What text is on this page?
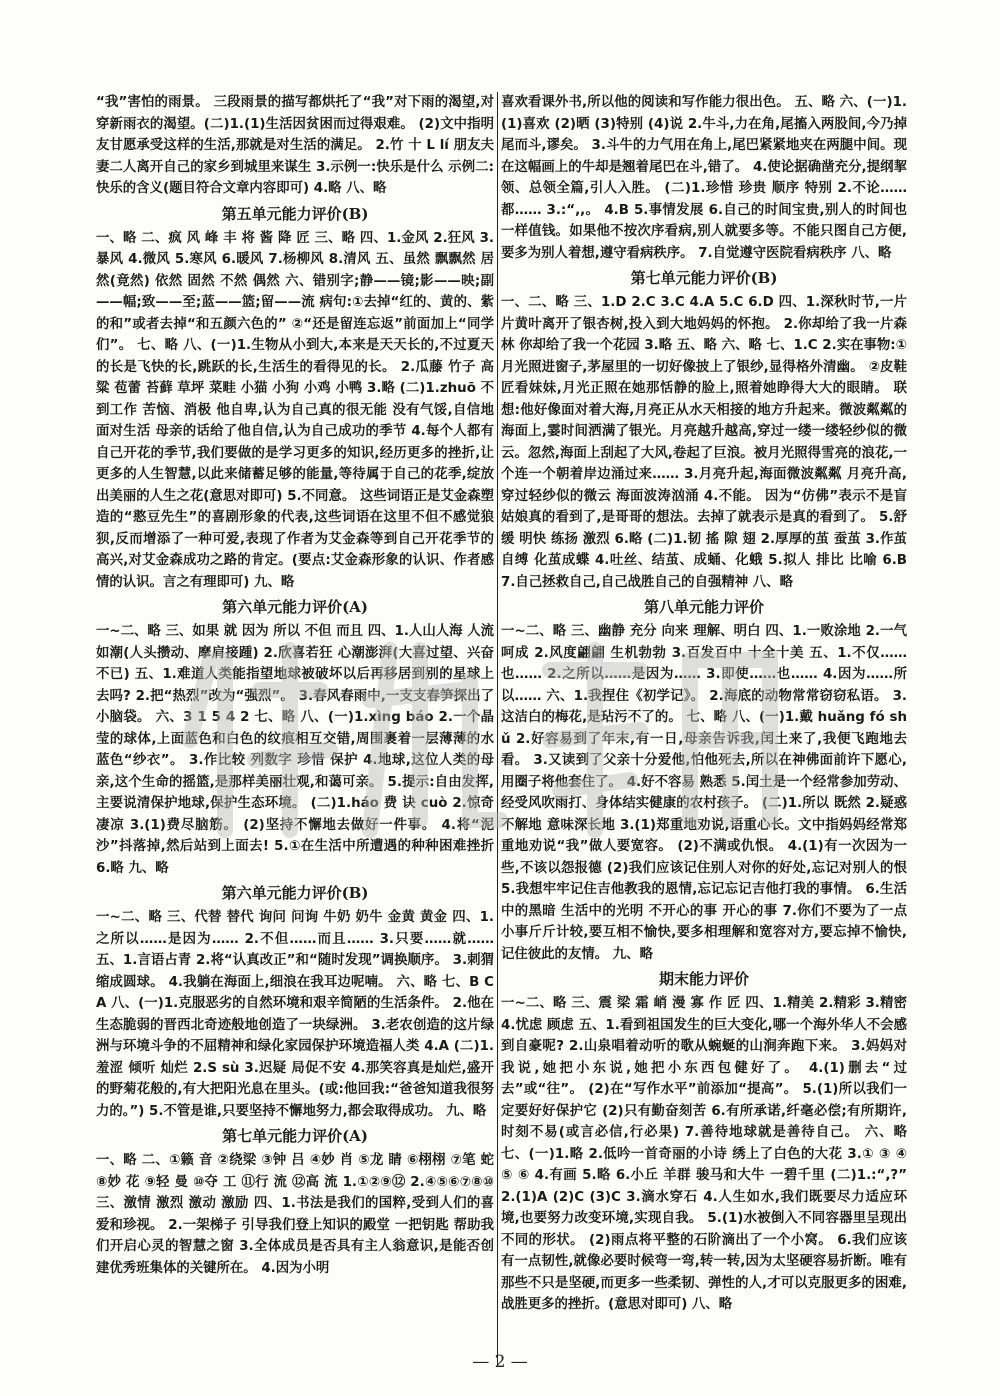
“我”害怕的雨景。 三段雨景的描写都烘托了“我”对下雨的渴望,对穿新雨衣的渴望。(二)1.(1)生活因贫困而过得艰难。 (2)文中指明友甘愿承受这样的生活,那就是对生活的满足。 2.竹 十 L lí 朋友夫妻二人离开自己的家乡到城里来谋生 3.示例一:快乐是什么 示例二:快乐的含义(题目符合文章内容即可) 4.略 八、略

第五单元能力评价(B)

一、略 二、疯 风 峰 丰 将 酱 降 匠 三、略 四、1.金风 2.狂风 3.暴风 4.微风 5.寒风 6.暖风 7.杨柳风 8.清风 五、虽然 飘飘然 居然(竟然) 依然 固然 不然 偶然 六、错别字;静——镜;影——映;副——幅;致——至;蓝——篮;留——流 病句:①去掉“红的、黄的、紫的和”或者去掉“和五颜六色的” ②“还是留连忘返”前面加上“同学们”。 七、略 八、(一)1.生物从小到大,本来是天天长的,不过夏天的长是飞快的长,跳跃的长,生活生的看得见的长。 2.瓜藤 竹子 高粱 苞蕾 苔藓 草坪 菜畦 小猫 小狗 小鸡 小鸭 3.略 (二)1.zhuō 不到工作 苦恼、消极 他自卑,认为自己真的很无能 没有气馁,自信地面对生活 母亲的话给了他自信,认为自己成功的季节 4.每个人都有自己开花的季节,我们要做的是学习更多的知识,经历更多的挫折,让更多的人生智慧,以此来储蓄足够的能量,等待属于自己的花季,绽放出美丽的人生之花(意思对即可) 5.不同意。 这些词语正是艾金森塑造的“憨豆先生”的喜剧形象的代表,这些词语在这里不但不感觉狼狈,反而增添了一种可爱,表现了作者为艾金森等到自己开花季节的高兴,对艾金森成功之路的肯定。(要点:艾金森形象的认识、作者感情的认识。言之有理即可) 九、略

第六单元能力评价(A)

一~二、略 三、如果 就 因为 所以 不但 而且 四、1.人山人海 人流如潮(人头攒动、摩肩接踵) 2.欣喜若狂 心潮澎湃(大喜过望、兴奋不已) 五、1.难道人类能指望地球被破坏以后再移居到别的星球上去吗? 2.把“热烈”改为“强烈”。 3.春风春雨中,一支支春笋探出了小脑袋。 六、3 1 5 4 2 七、略 八、(一)1.xìng báo 2.一个晶莹的球体,上面蓝色和白色的纹痕相互交错,周围裹着一层薄薄的水蓝色“纱衣”。 3.作比较 列数字 珍惜 保护 4.地球,这位人类的母亲,这个生命的摇篮,是那样美丽壮观,和蔼可亲。 5.提示:自由发挥,主要说清保护地球,保护生态环境。 (二)1.háo 费 诀 cuò 2.惊奇 凄凉 3.(1)费尽脑筋。 (2)坚持不懈地去做好一件事。 4.将“泥沙”抖落掉,然后站到上面去! 5.①在生活中所遭遇的种种困难挫折 6.略 九、略

第六单元能力评价(B)

一~二、略 三、代替 替代 询问 问询 牛奶 奶牛 金黄 黄金 四、1.之所以……是因为…… 2.不但……而且…… 3.只要……就…… 五、1.言语占青 2.将“认真改正”和“随时发现”调换顺序。 3.刺猬缩成圆球。 4.我躺在海面上,细浪在我耳边呢喃。 六、略 七、B C A 八、(一)1.克服恶劣的自然环境和艰辛简陋的生活条件。 2.他在生态脆弱的晋西北奇迹般地创造了一块绿洲。 3.老农创造的这片绿洲与环境斗争的不屈精神和绿化家园保护环境造福人类 4.A (二)1.羞涩 倾听 灿烂 2.S sù 3.迟疑 局促不安 4.那笑容真是灿烂,盛开的野菊花般的,有大把阳光息在里头。(或:他回我:“爸爸知道我很努力的。”) 5.不管是谁,只要坚持不懈地努力,都会取得成功。 九、略

第七单元能力评价(A)

一、略 二、①籁 音 ②绕梁 ③钟 吕 ④妙 肖 ⑤龙 睛 ⑥栩栩 ⑦笔 蛇 ⑧妙 花 ⑨轻 曼 ⑩夺 工 ⑪行 流 ⑫高 流 1.①②⑨⑫ 2.④⑤⑥⑦⑧⑩ 三、激情 激烈 激动 激励 四、1.书法是我们的国粹,受到人们的喜爱和珍视。 2.一架梯子 引导我们登上知识的殿堂 一把钥匙 帮助我们开启心灵的智慧之窗 3.全体成员是否具有主人翁意识,是能否创建优秀班集体的关键所在。 4.因为小明

喜欢看课外书,所以他的阅读和写作能力很出色。 五、略 六、(一)1.(1)喜欢 (2)晒 (3)特别 (4)说 2.牛斗,力在角,尾搐入两股间,今乃掉尾而斗,谬矣。 3.斗牛的力气用在角上,尾巴紧紧地夹在两腿中间。现在这幅画上的牛却是翘着尾巴在斗,错了。 4.使论据确凿充分,提纲挈领、总领全篇,引人入胜。 (二)1.珍惜 珍贵 顺序 特别 2.不论……都…… 3.:“,,。 4.B 5.事情发展 6.自己的时间宝贵,别人的时间也一样值钱。如果他不按次序看病,别人就要多等。不能只图自己方便,要多为别人着想,遵守看病秩序。 7.自觉遵守医院看病秩序 八、略

第七单元能力评价(B)

一、二、略 三、1.D 2.C 3.C 4.A 5.C 6.D 四、1.深秋时节,一片片黄叶离开了银杏树,投入到大地妈妈的怀抱。 2.你却给了我一片森林 你却给了我一个花园 3.略 五、略 六、略 七、1.C 2.实在事物:①月光照进窗子,茅屋里的一切好像披上了银纱,显得格外清幽。 ②皮鞋匠看妹妹,月光正照在她那恬静的脸上,照着她睁得大大的眼睛。 联想:他好像面对着大海,月亮正从水天相接的地方升起来。微波粼粼的海面上,霎时间洒满了银光。月亮越升越高,穿过一缕一缕轻纱似的微云。忽然,海面上刮起了大风,卷起了巨浪。被月光照得雪亮的浪花,一个连一个朝着岸边涌过来…… 3.月亮升起,海面微波粼粼 月亮升高,穿过轻纱似的微云 海面波涛汹涌 4.不能。 因为“仿佛”表示不是盲姑娘真的看到了,是哥哥的想法。去掉了就表示是真的看到了。 5.舒缓 明快 练扬 激烈 6.略 (二)1.韧 搖 隙 翅 2.厚厚的茧 蚕茧 3.作茧自缚 化茧成蝶 4.吐丝、结茧、成蛹、化蛾 5.拟人 排比 比喻 6.B 7.自己拯救自己,自己战胜自己的自强精神 八、略

第八单元能力评价

一~二、略 三、幽静 充分 向来 理解、明白 四、1.一败涂地 2.一气呵成 2.风度翩翩 生机勃勃 3.百发百中 十全十美 五、1.不仅……也…… 2.之所以……是因为…… 3.即使……也…… 4.因为……所以…… 六、1.我捏住《初学记》。 2.海底的动物常常窃窃私语。 3.这洁白的梅花,是玷污不了的。 七、略 八、(一)1.戴 huǎng fó shǔ 2.好容易到了年末,有一日,母亲告诉我,闰土来了,我便飞跑地去看。 3.又读到了父亲十分爱他,怕他死去,所以在神佛面前许下愿心,用圈子将他套住了。 4.好不容易 熟悉 5.闰土是一个经常参加劳动、经受风吹雨打、身体结实健康的农村孩子。 (二)1.所以 既然 2.疑惑不解地 意味深长地 3.(1)郑重地劝说,语重心长。文中指妈妈经常郑重地劝说“我”做人要宽容。 (2)不满或仇恨。 4.(1)有一次因为一些,不该以怨报德 (2)我们应该记住别人对你的好处,忘记对别人的恨 5.我想牢牢记住吉他教我的恩情,忘记忘记吉他打我的事情。 6.生活中的黑暗 生活中的光明 不开心的事 开心的事 7.你们不要为了一点小事斤斤计较,要互相不愉快,要多相理解和宽容对方,要忘掉不愉快,记住彼此的友情。 九、略

期末能力评价

一~二、略 三、震 梁 霜 峭 漫 寡 作 匠 四、1.精美 2.精彩 3.精密 4.忧虑 顾虑 五、1.看到祖国发生的巨大变化,哪一个海外华人不会感到自豪呢? 2.山泉唱着动听的歌从蜿蜒的山涧奔跑下来。 3.妈妈对我说,她把小东说,她把小东西包健好了。 4.(1)删去“过去”或“往”。 (2)在“写作水平”前添加“提高”。 5.(1)所以我们一定要好好保护它 (2)只有勤奋刻苦 6.有所承诺,纤毫必偿;有所期许,时刻不易(或言必信,行必果) 7.善待地球就是善待自己。 六、略 七、(一)1.略 2.低吟一首奇丽的小诗 绣上了白色的大花 3.① ③ ④ ⑤ ⑥ 4.有画 5.略 6.小丘 羊群 骏马和大牛 一碧千里 (二)1.:“,?” 2.(1)A (2)C (3)C 3.滴水穿石 4.人生如水,我们既要尽力适应环境,也要努力改变环境,实现自我。 5.(1)水被倒入不同容器里呈现出不同的形状。 (2)雨点将平整的石阶滴出了一个小窝。 6.我们应该有一点韧性,就像必要时候弯一弯,转一转,因为太坚硬容易折断。唯有那些不只是坚硬,而更多一些柔韧、弹性的人,才可以克服更多的困难,战胜更多的挫折。(意思对即可) 八、略

— 2 —
